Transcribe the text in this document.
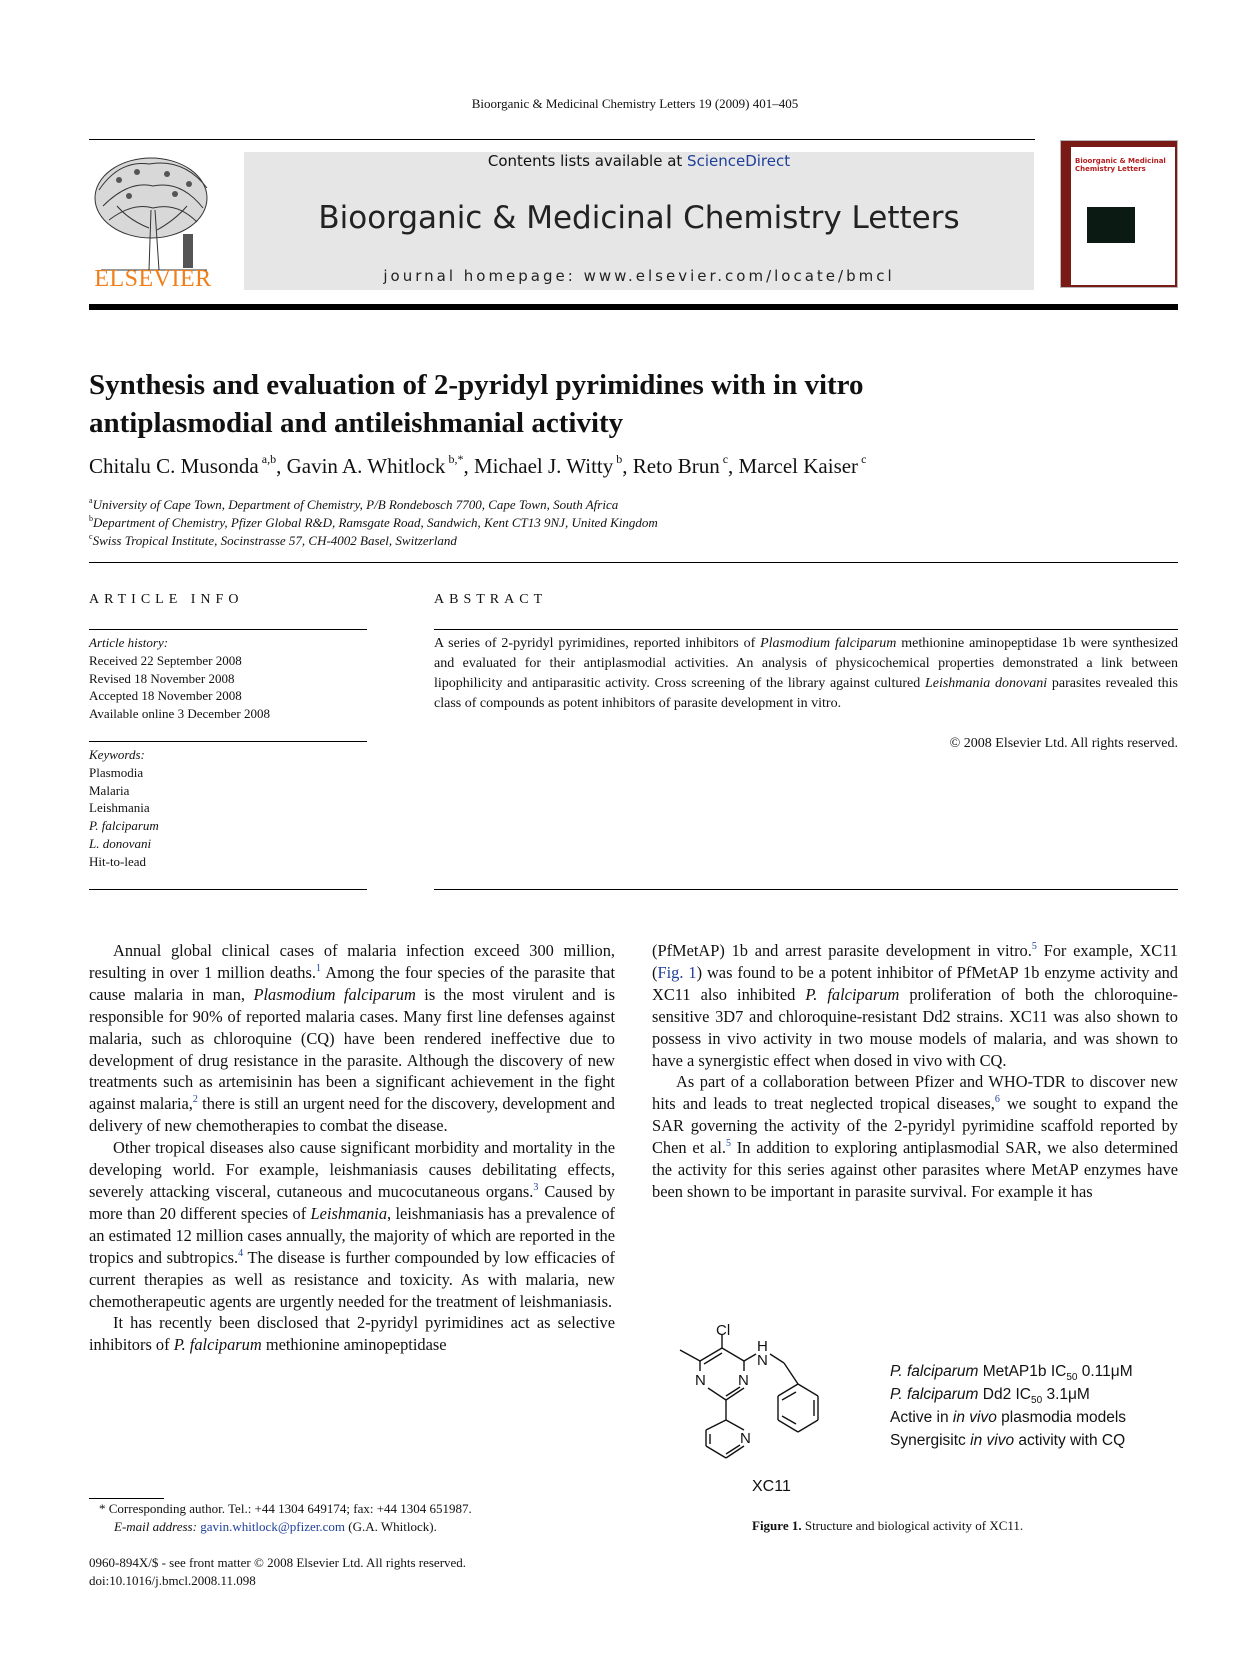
Bioorganic & Medicinal Chemistry Letters 19 (2009) 401–405
ELSEVIER
Contents lists available at ScienceDirect
Bioorganic & Medicinal Chemistry Letters
journal homepage: www.elsevier.com/locate/bmcl
Bioorganic & Medicinal Chemistry Letters
Synthesis and evaluation of 2-pyridyl pyrimidines with in vitro
antiplasmodial and antileishmanial activity
Chitalu C. Musonda $^{a,b}$, Gavin A. Whitlock $^{b,*}$, Michael J. Witty $^b$, Reto Brun $^c$, Marcel Kaiser $^c$
$^a$University of Cape Town, Department of Chemistry, P/B Rondebosch 7700, Cape Town, South Africa
$^b$Department of Chemistry, Pfizer Global R&D, Ramsgate Road, Sandwich, Kent CT13 9NJ, United Kingdom
$^c$Swiss Tropical Institute, Socinstrasse 57, CH-4002 Basel, Switzerland
ARTICLE INFO
Article history:
Received 22 September 2008
Revised 18 November 2008
Accepted 18 November 2008
Available online 3 December 2008
Keywords:
Plasmodia
Malaria
Leishmania
P. falciparum
L. donovani
Hit-to-lead
ABSTRACT
A series of 2-pyridyl pyrimidines, reported inhibitors of Plasmodium falciparum methionine aminopeptidase 1b were synthesized and evaluated for their antiplasmodial activities. An analysis of physicochemical properties demonstrated a link between lipophilicity and antiparasitic activity. Cross screening of the library against cultured Leishmania donovani parasites revealed this class of compounds as potent inhibitors of parasite development in vitro.
© 2008 Elsevier Ltd. All rights reserved.

Annual global clinical cases of malaria infection exceed 300 million, resulting in over 1 million deaths.$^1$ Among the four species of the parasite that cause malaria in man, Plasmodium falciparum is the most virulent and is responsible for 90% of reported malaria cases. Many first line defenses against malaria, such as chloroquine (CQ) have been rendered ineffective due to development of drug resistance in the parasite. Although the discovery of new treatments such as artemisinin has been a significant achievement in the fight against malaria,$^2$ there is still an urgent need for the discovery, development and delivery of new chemotherapies to combat the disease.

Other tropical diseases also cause significant morbidity and mortality in the developing world. For example, leishmaniasis causes debilitating effects, severely attacking visceral, cutaneous and mucocutaneous organs.$^3$ Caused by more than 20 different species of Leishmania, leishmaniasis has a prevalence of an estimated 12 million cases annually, the majority of which are reported in the tropics and subtropics.$^4$ The disease is further compounded by low efficacies of current therapies as well as resistance and toxicity. As with malaria, new chemotherapeutic agents are urgently needed for the treatment of leishmaniasis.

It has recently been disclosed that 2-pyridyl pyrimidines act as selective inhibitors of P. falciparum methionine aminopeptidase

(PfMetAP) 1b and arrest parasite development in vitro.$^5$ For example, XC11 (Fig. 1) was found to be a potent inhibitor of PfMetAP 1b enzyme activity and XC11 also inhibited P. falciparum proliferation of both the chloroquine-sensitive 3D7 and chloroquine-resistant Dd2 strains. XC11 was also shown to possess in vivo activity in two mouse models of malaria, and was shown to have a synergistic effect when dosed in vivo with CQ.

As part of a collaboration between Pfizer and WHO-TDR to discover new hits and leads to treat neglected tropical diseases,$^6$ we sought to expand the SAR governing the activity of the 2-pyridyl pyrimidine scaffold reported by Chen et al.$^5$ In addition to exploring antiplasmodial SAR, we also determined the activity for this series against other parasites where MetAP enzymes have been shown to be important in parasite survival. For example it has

Cl
H
N
N
N
N
XC11
P. falciparum MetAP1b $IC_{50}$ 0.11μM
P. falciparum Dd2 $IC_{50}$ 3.1μM
Active in in vivo plasmodia models
Synergisitc in vivo activity with CQ
Figure 1. Structure and biological activity of XC11.
* Corresponding author. Tel.: +44 1304 649174; fax: +44 1304 651987.
E-mail address: gavin.whitlock@pfizer.com (G.A. Whitlock).
0960-894X/$ - see front matter © 2008 Elsevier Ltd. All rights reserved.
doi:10.1016/j.bmcl.2008.11.098
